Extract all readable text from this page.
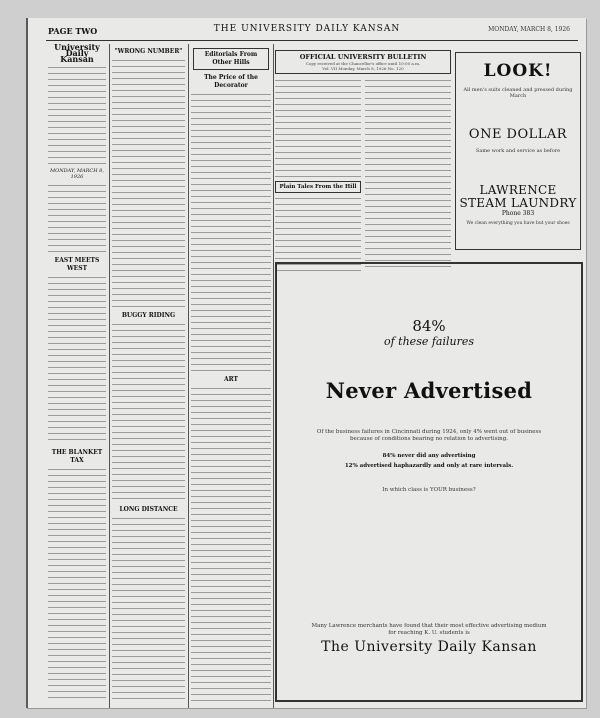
PAGE TWO	THE UNIVERSITY DAILY KANSAN	MONDAY, MARCH 8, 1926
University Daily Kansan
MONDAY, MARCH 8, 1926
EAST MEETS WEST
THE BLANKET TAX
"WRONG NUMBER"
BUGGY RIDING
LONG DISTANCE
Editorials From Other Hills
The Price of the Decorator
ART
OFFICIAL UNIVERSITY BULLETIN
Copy received at the Chancellor's office until 10:00 a.m.
Vol. VII Monday, March 8, 1926 No. 120
Plain Tales From the Hill
LOOK!
All men's suits cleaned and pressed during March
ONE DOLLAR
Same work and service as before
LAWRENCE STEAM LAUNDRY
Phone 383
We clean everything you have but your shoes
84%
of these failures
Never Advertised
Of the business failures in Cincinnati during 1924, only 4% went out of business because of conditions bearing no relation to advertising.
84% never did any advertising
12% advertised haphazardly and only at rare intervals.
In which class is YOUR business?
Many Lawrence merchants have found that their most effective advertising medium for reaching K. U. students is
The University Daily Kansan
